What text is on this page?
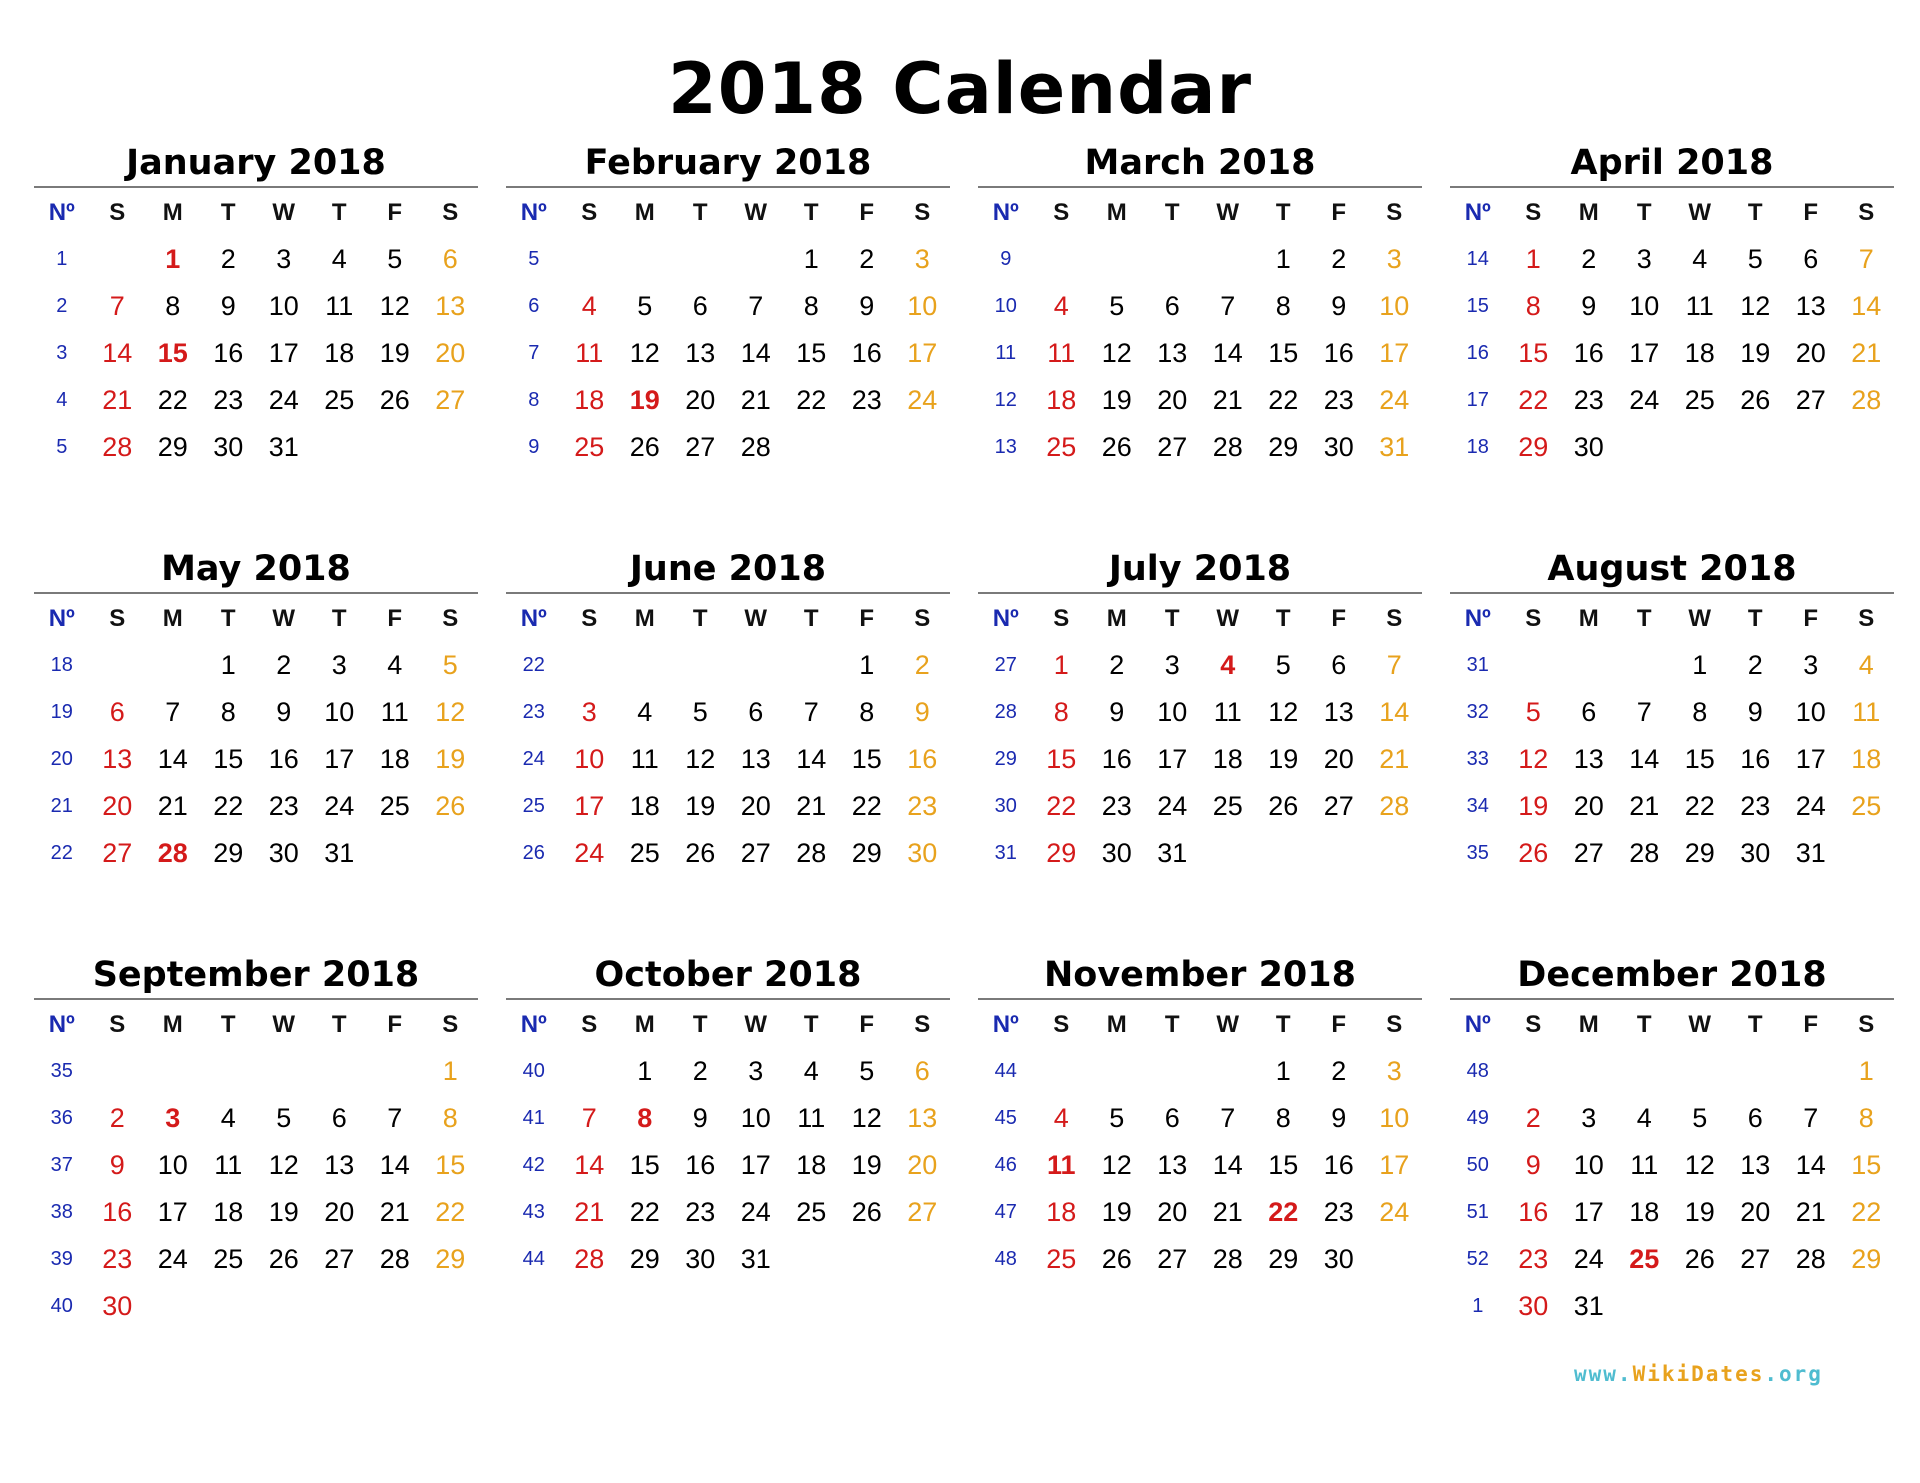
2018 Calendar
January 2018
Nº	S	M	T	W	T	F	S
1		1	2	3	4	5	6
2	7	8	9	10	11	12	13
3	14	15	16	17	18	19	20
4	21	22	23	24	25	26	27
5	28	29	30	31			
February 2018
Nº	S	M	T	W	T	F	S
5					1	2	3
6	4	5	6	7	8	9	10
7	11	12	13	14	15	16	17
8	18	19	20	21	22	23	24
9	25	26	27	28			
March 2018
Nº	S	M	T	W	T	F	S
9					1	2	3
10	4	5	6	7	8	9	10
11	11	12	13	14	15	16	17
12	18	19	20	21	22	23	24
13	25	26	27	28	29	30	31
April 2018
Nº	S	M	T	W	T	F	S
14	1	2	3	4	5	6	7
15	8	9	10	11	12	13	14
16	15	16	17	18	19	20	21
17	22	23	24	25	26	27	28
18	29	30					
May 2018
Nº	S	M	T	W	T	F	S
18			1	2	3	4	5
19	6	7	8	9	10	11	12
20	13	14	15	16	17	18	19
21	20	21	22	23	24	25	26
22	27	28	29	30	31		
June 2018
Nº	S	M	T	W	T	F	S
22						1	2
23	3	4	5	6	7	8	9
24	10	11	12	13	14	15	16
25	17	18	19	20	21	22	23
26	24	25	26	27	28	29	30
July 2018
Nº	S	M	T	W	T	F	S
27	1	2	3	4	5	6	7
28	8	9	10	11	12	13	14
29	15	16	17	18	19	20	21
30	22	23	24	25	26	27	28
31	29	30	31				
August 2018
Nº	S	M	T	W	T	F	S
31				1	2	3	4
32	5	6	7	8	9	10	11
33	12	13	14	15	16	17	18
34	19	20	21	22	23	24	25
35	26	27	28	29	30	31	
September 2018
Nº	S	M	T	W	T	F	S
35							1
36	2	3	4	5	6	7	8
37	9	10	11	12	13	14	15
38	16	17	18	19	20	21	22
39	23	24	25	26	27	28	29
40	30						
October 2018
Nº	S	M	T	W	T	F	S
40		1	2	3	4	5	6
41	7	8	9	10	11	12	13
42	14	15	16	17	18	19	20
43	21	22	23	24	25	26	27
44	28	29	30	31			
November 2018
Nº	S	M	T	W	T	F	S
44					1	2	3
45	4	5	6	7	8	9	10
46	11	12	13	14	15	16	17
47	18	19	20	21	22	23	24
48	25	26	27	28	29	30	
December 2018
Nº	S	M	T	W	T	F	S
48							1
49	2	3	4	5	6	7	8
50	9	10	11	12	13	14	15
51	16	17	18	19	20	21	22
52	23	24	25	26	27	28	29
1	30	31					
www.WikiDates.org
